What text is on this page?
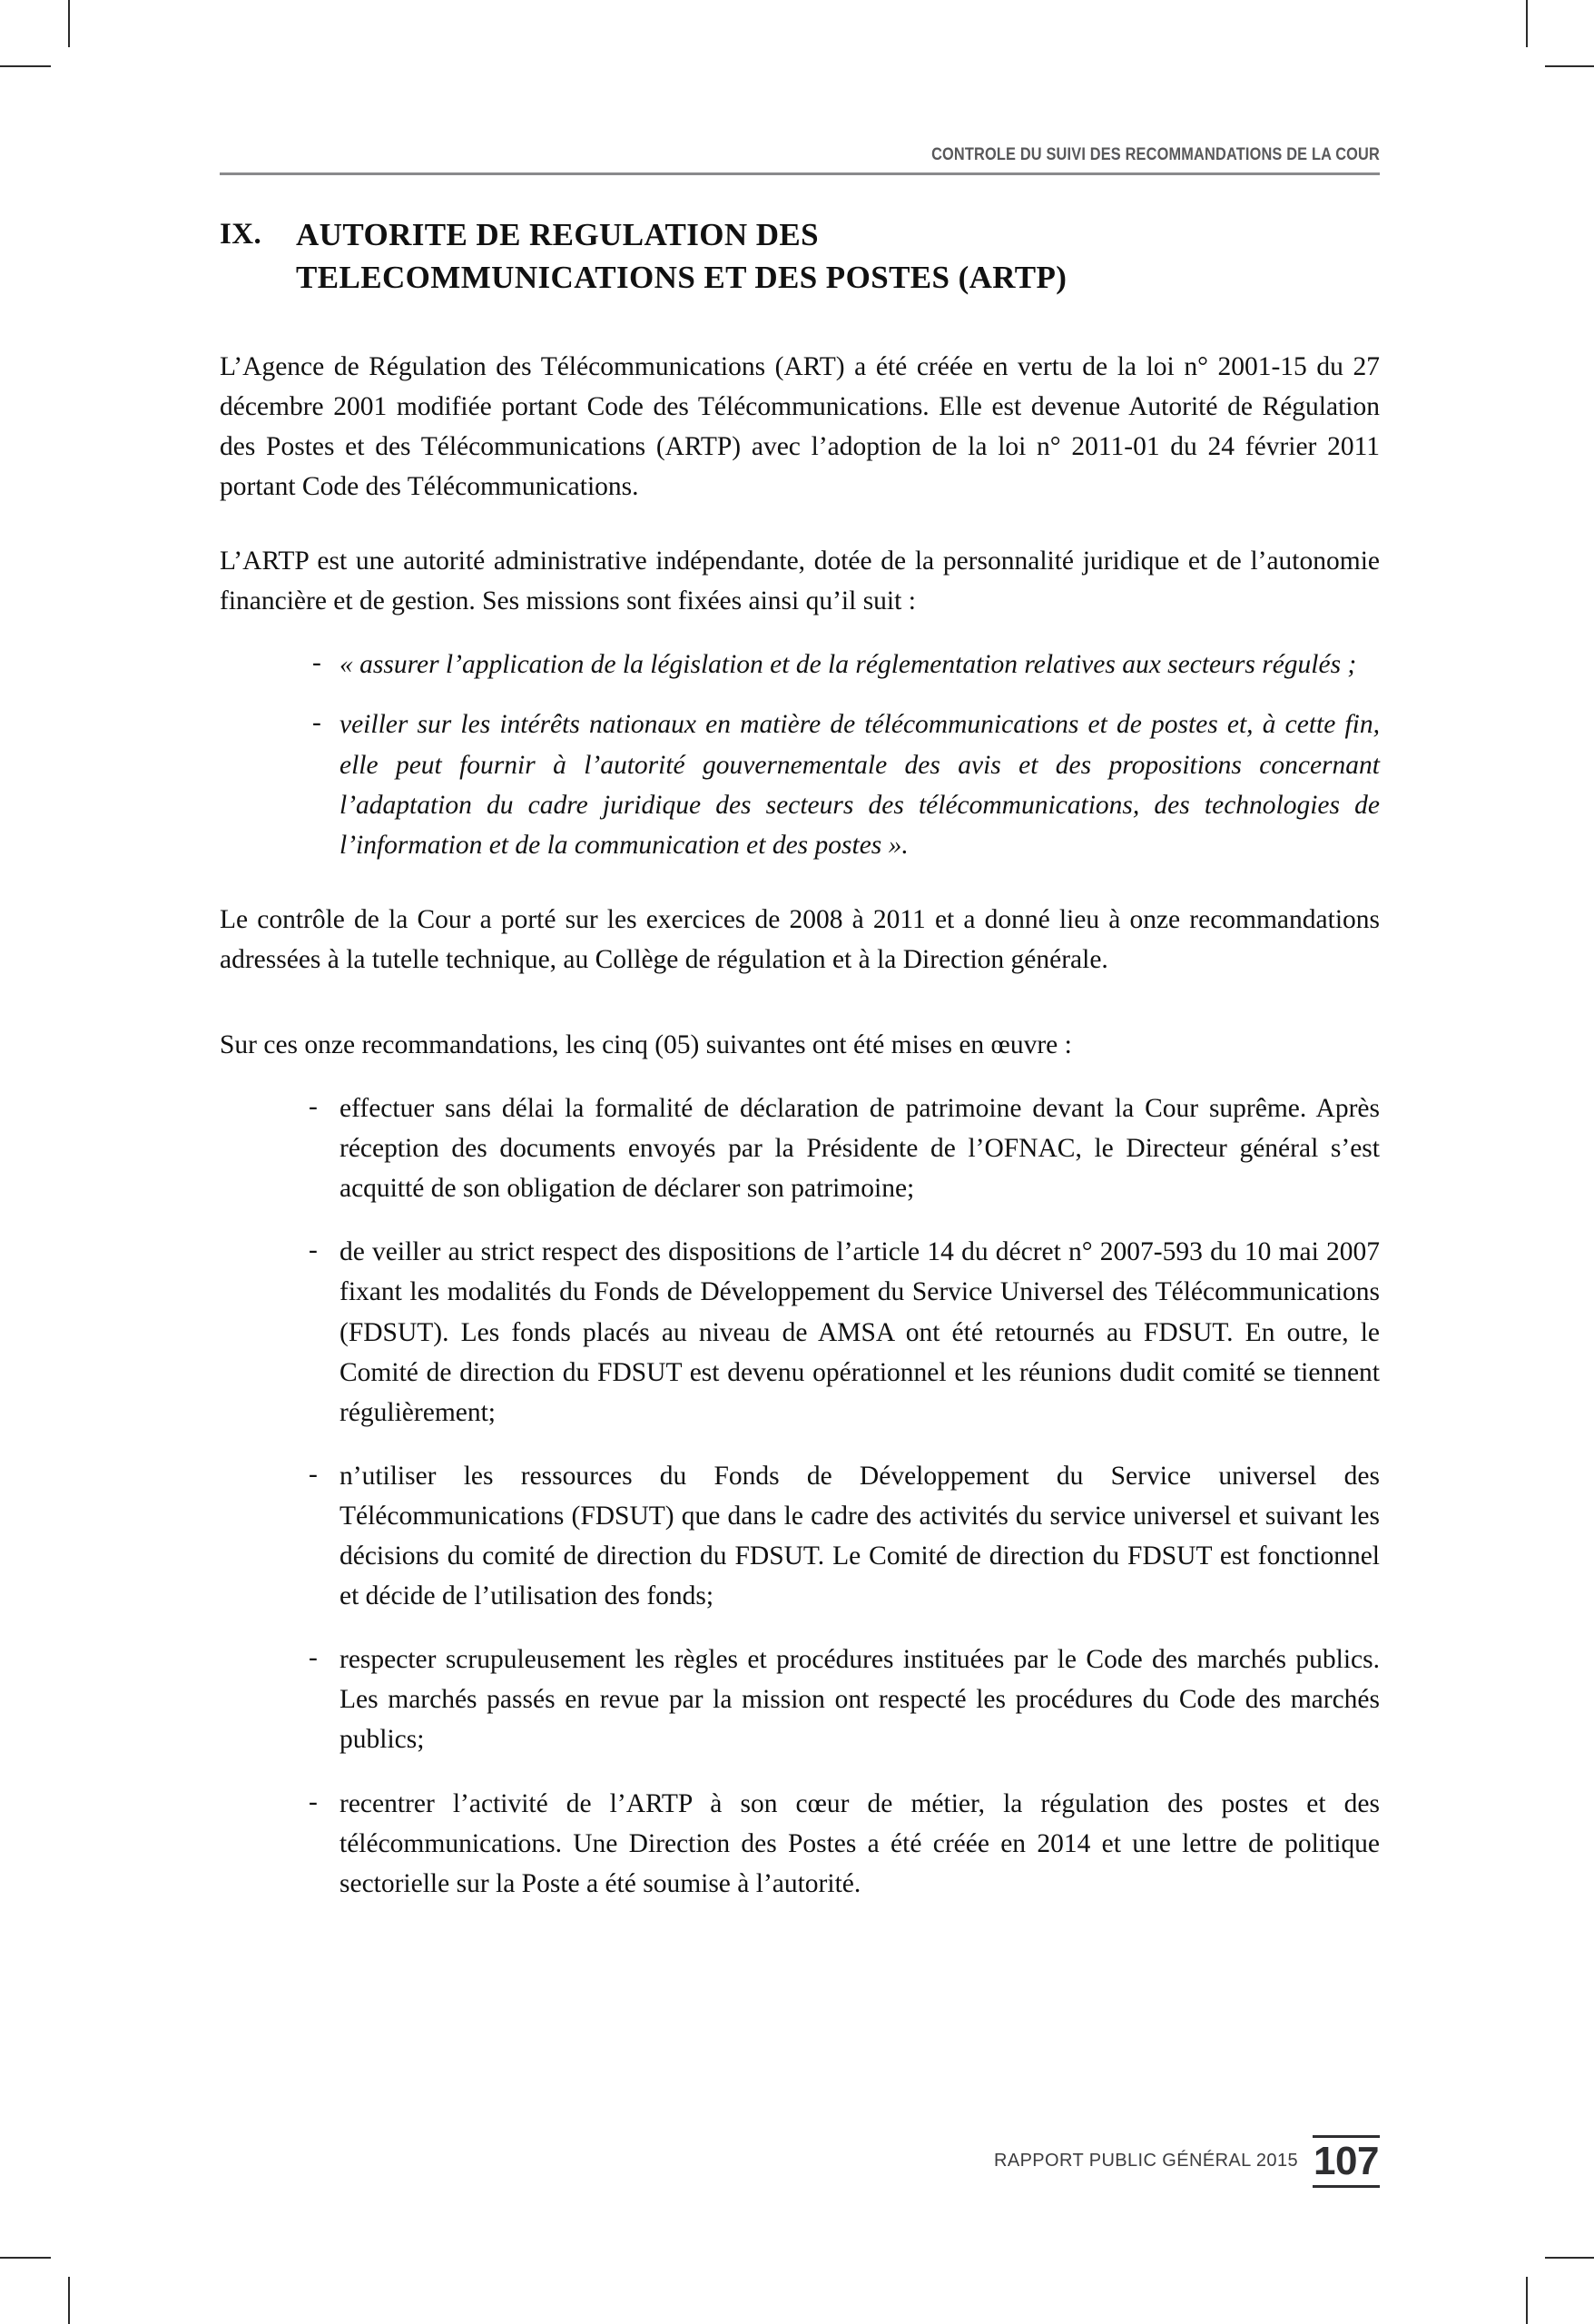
CONTROLE DU SUIVI DES RECOMMANDATIONS DE LA COUR
IX.	AUTORITE DE REGULATION DES
TELECOMMUNICATIONS ET DES POSTES (ARTP)

L’Agence de Régulation des Télécommunications (ART) a été créée en vertu de la loi n° 2001-15 du 27 décembre 2001 modifiée portant Code des Télécommunications. Elle est devenue Autorité de Régulation des Postes et des Télécommunications (ARTP) avec l’adoption de la loi n° 2011-01 du 24 février 2011 portant Code des Télécommunications.

L’ARTP est une autorité administrative indépendante, dotée de la personnalité juridique et de l’autonomie financière et de gestion. Ses missions sont fixées ainsi qu’il suit :

- « assurer l’application de la législation et de la réglementation relatives aux secteurs régulés ;
- veiller sur les intérêts nationaux en matière de télécommunications et de postes et, à cette fin, elle peut fournir à l’autorité gouvernementale des avis et des propositions concernant l’adaptation du cadre juridique des secteurs des télécommunications, des technologies de l’information et de la communication et des postes ».

Le contrôle de la Cour a porté sur les exercices de 2008 à 2011 et a donné lieu à onze recommandations adressées à la tutelle technique, au Collège de régulation et à la Direction générale.

Sur ces onze recommandations, les cinq (05) suivantes ont été mises en œuvre :

- effectuer sans délai la formalité de déclaration de patrimoine devant la Cour suprême. Après réception des documents envoyés par la Présidente de l’OFNAC, le Directeur général s’est acquitté de son obligation de déclarer son patrimoine;
- de veiller au strict respect des dispositions de l’article 14 du décret n° 2007-593 du 10 mai 2007 fixant les modalités du Fonds de Développement du Service Universel des Télécommunications (FDSUT). Les fonds placés au niveau de AMSA ont été retournés au FDSUT. En outre, le Comité de direction du FDSUT est devenu opérationnel et les réunions dudit comité se tiennent régulièrement;
- n’utiliser les ressources du Fonds de Développement du Service universel des Télécommunications (FDSUT) que dans le cadre des activités du service universel et suivant les décisions du comité de direction du FDSUT. Le Comité de direction du FDSUT est fonctionnel et décide de l’utilisation des fonds;
- respecter scrupuleusement les règles et procédures instituées par le Code des marchés publics. Les marchés passés en revue par la mission ont respecté les procédures du Code des marchés publics;
- recentrer l’activité de l’ARTP à son cœur de métier, la régulation des postes et des télécommunications. Une Direction des Postes a été créée en 2014 et une lettre de politique sectorielle sur la Poste a été soumise à l’autorité.
RAPPORT PUBLIC GÉNÉRAL 2015 107
